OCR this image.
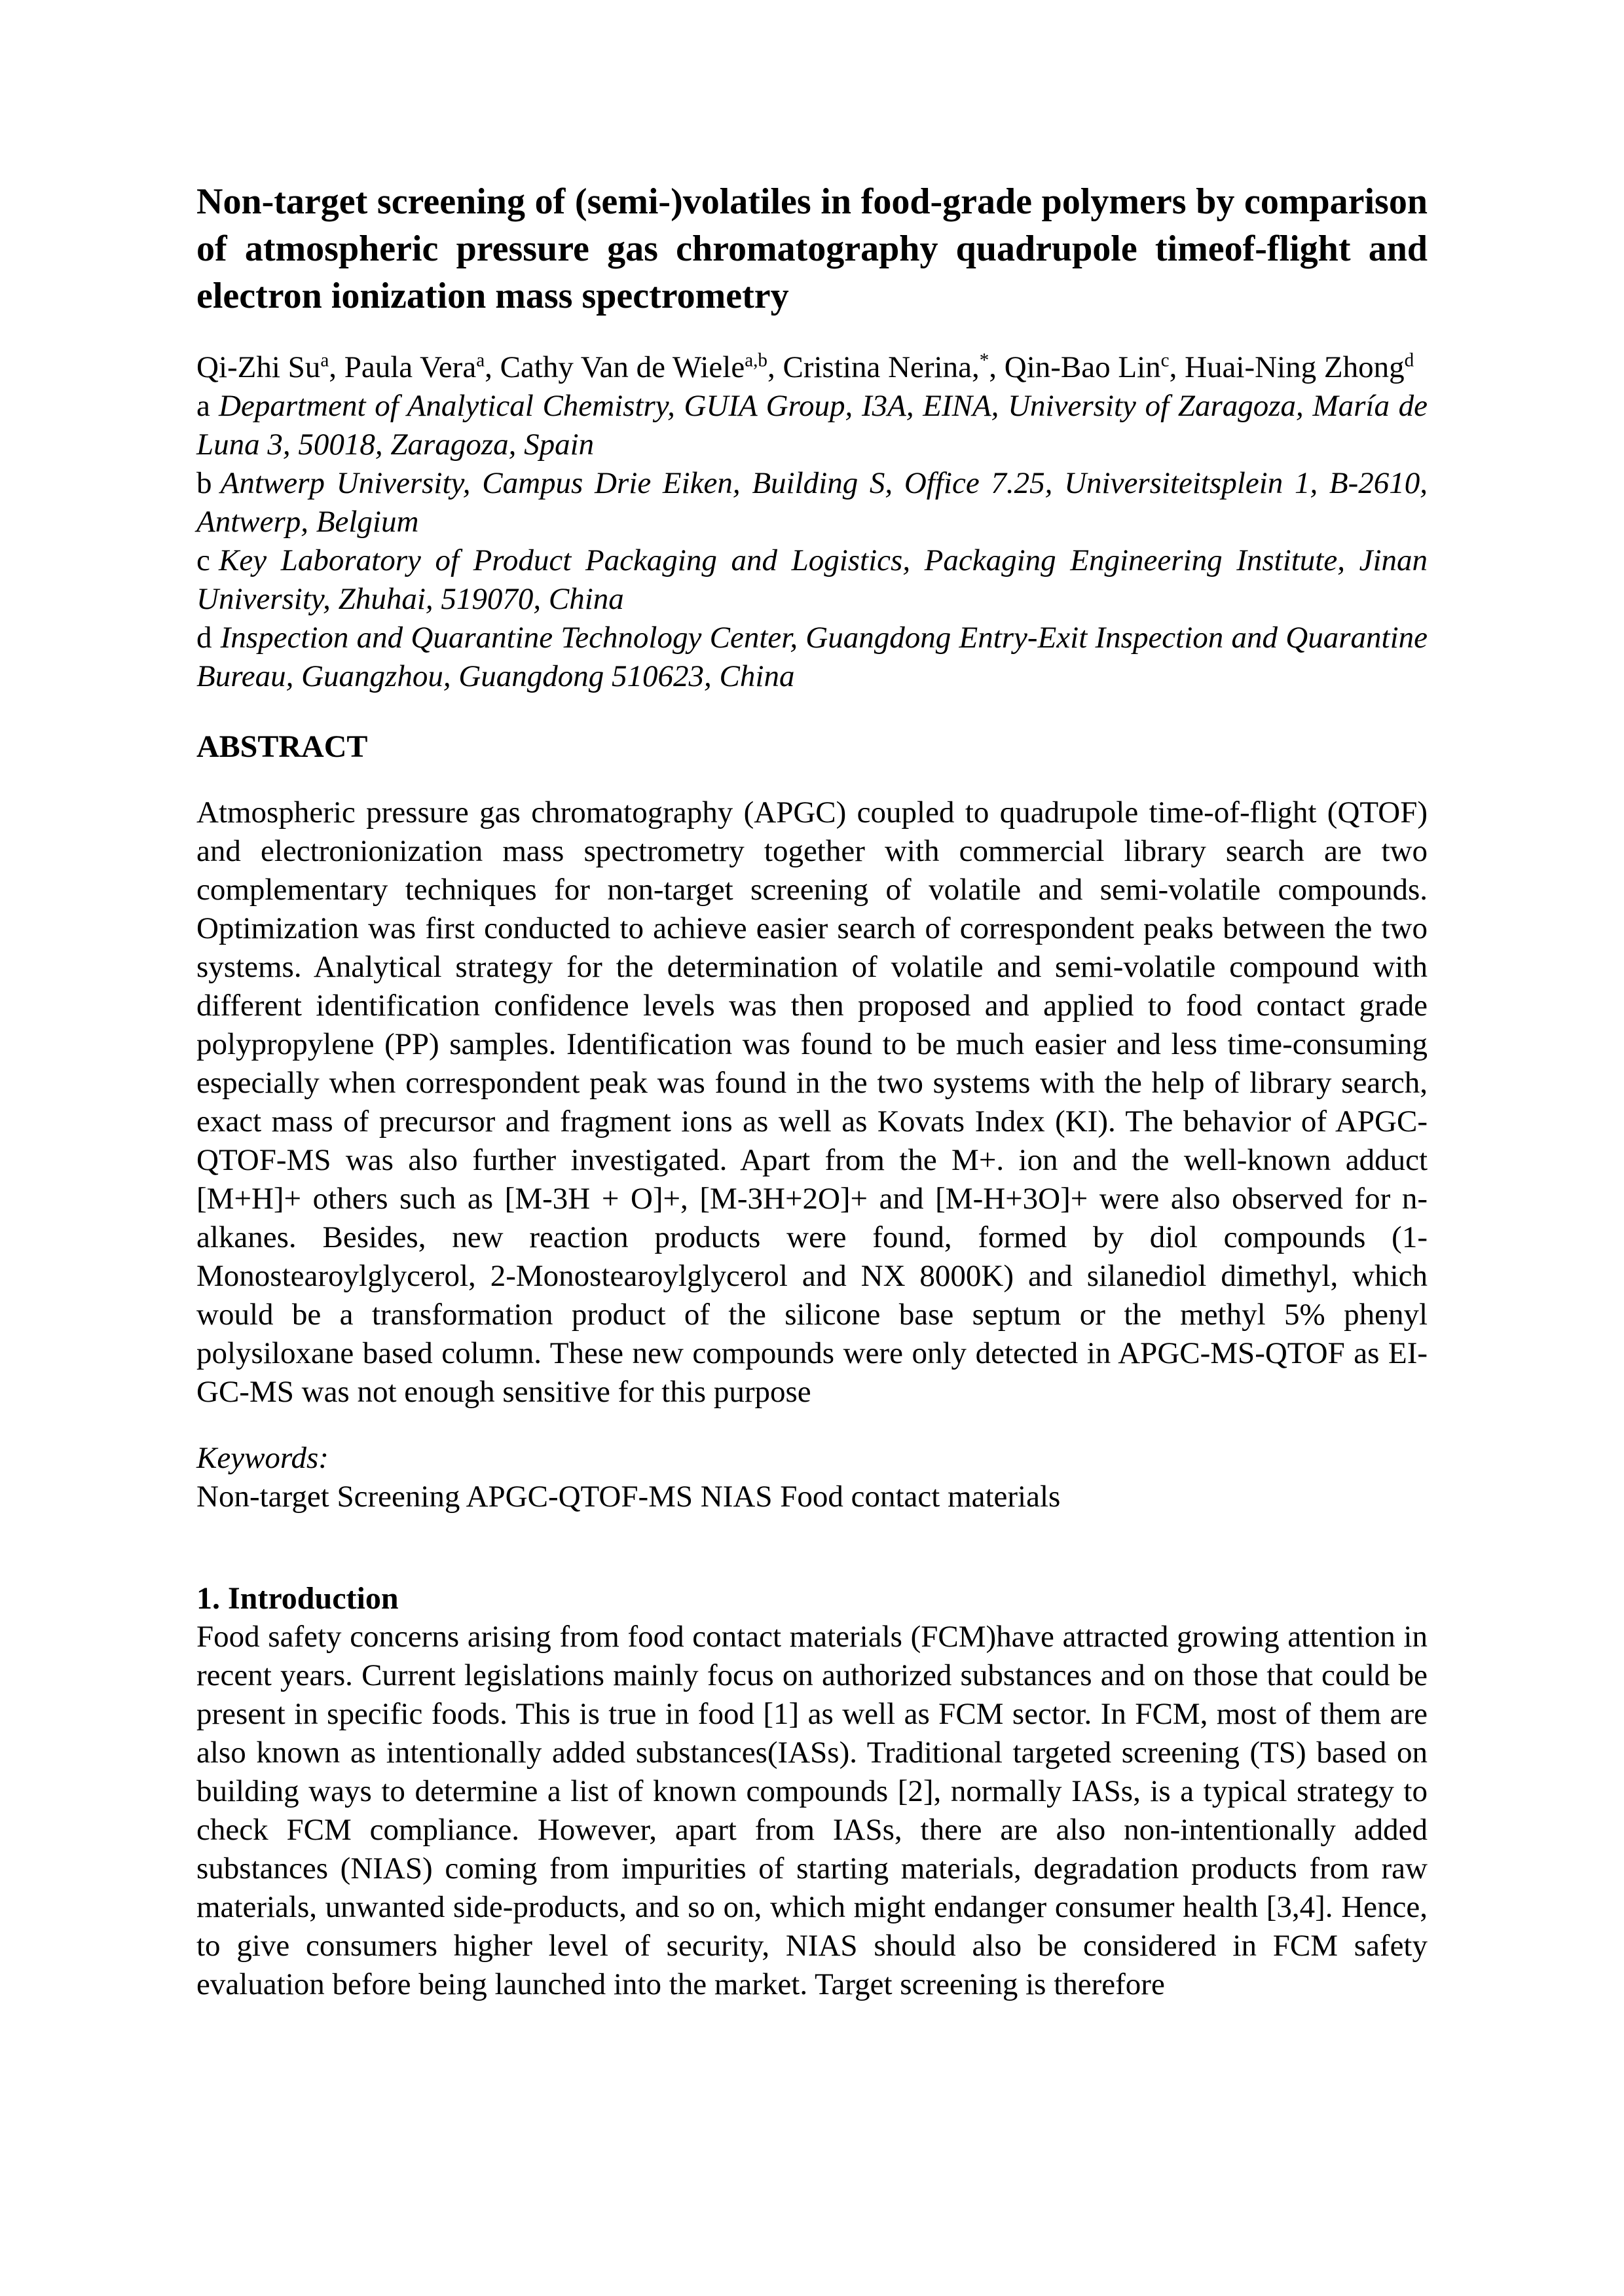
Non-target screening of (semi-)volatiles in food-grade polymers by comparison of atmospheric pressure gas chromatography quadrupole timeof-flight and electron ionization mass spectrometry

Qi-Zhi Su$^a$, Paula Vera$^a$, Cathy Van de Wiele$^{a,b}$, Cristina Nerina,*, Qin-Bao Lin$^c$, Huai-Ning Zhong$^d$

a Department of Analytical Chemistry, GUIA Group, I3A, EINA, University of Zaragoza, María de Luna 3, 50018, Zaragoza, Spain

b Antwerp University, Campus Drie Eiken, Building S, Office 7.25, Universiteitsplein 1, B-2610, Antwerp, Belgium

c Key Laboratory of Product Packaging and Logistics, Packaging Engineering Institute, Jinan University, Zhuhai, 519070, China

d Inspection and Quarantine Technology Center, Guangdong Entry-Exit Inspection and Quarantine Bureau, Guangzhou, Guangdong 510623, China

ABSTRACT

Atmospheric pressure gas chromatography (APGC) coupled to quadrupole time-of-flight (QTOF) and electronionization mass spectrometry together with commercial library search are two complementary techniques for non-target screening of volatile and semi-volatile compounds. Optimization was first conducted to achieve easier search of correspondent peaks between the two systems. Analytical strategy for the determination of volatile and semi-volatile compound with different identification confidence levels was then proposed and applied to food contact grade polypropylene (PP) samples. Identification was found to be much easier and less time-consuming especially when correspondent peak was found in the two systems with the help of library search, exact mass of precursor and fragment ions as well as Kovats Index (KI). The behavior of APGC-QTOF-MS was also further investigated. Apart from the M+. ion and the well-known adduct [M+H]+ others such as [M-3H + O]+, [M-3H+2O]+ and [M-H+3O]+ were also observed for n-alkanes. Besides, new reaction products were found, formed by diol compounds (1-Monostearoylglycerol, 2-Monostearoylglycerol and NX 8000K) and silanediol dimethyl, which would be a transformation product of the silicone base septum or the methyl 5% phenyl polysiloxane based column. These new compounds were only detected in APGC-MS-QTOF as EI-GC-MS was not enough sensitive for this purpose

Keywords:

Non-target Screening APGC-QTOF-MS NIAS Food contact materials

1. Introduction

Food safety concerns arising from food contact materials (FCM)have attracted growing attention in recent years. Current legislations mainly focus on authorized substances and on those that could be present in specific foods. This is true in food [1] as well as FCM sector. In FCM, most of them are also known as intentionally added substances(IASs). Traditional targeted screening (TS) based on building ways to determine a list of known compounds [2], normally IASs, is a typical strategy to check FCM compliance. However, apart from IASs, there are also non-intentionally added substances (NIAS) coming from impurities of starting materials, degradation products from raw materials, unwanted side-products, and so on, which might endanger consumer health [3,4]. Hence, to give consumers higher level of security, NIAS should also be considered in FCM safety evaluation before being launched into the market. Target screening is therefore
